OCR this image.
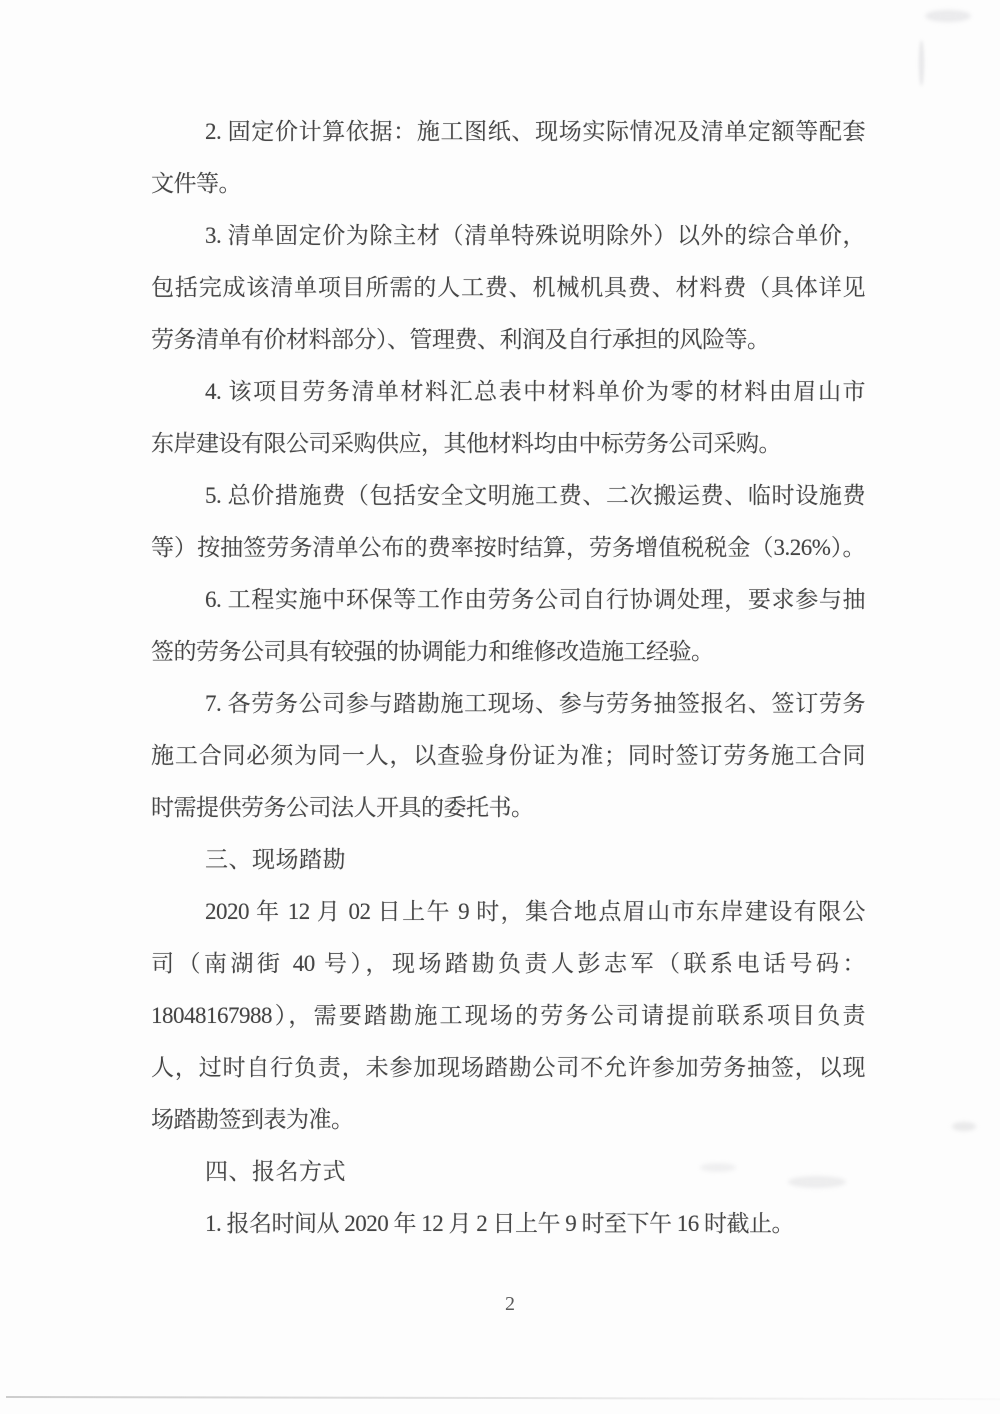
2. 固定价计算依据：施工图纸、现场实际情况及清单定额等配套
文件等。
3. 清单固定价为除主材（清单特殊说明除外）以外的综合单价，
包括完成该清单项目所需的人工费、机械机具费、材料费（具体详见
劳务清单有价材料部分）、管理费、利润及自行承担的风险等。
4. 该项目劳务清单材料汇总表中材料单价为零的材料由眉山市
东岸建设有限公司采购供应，其他材料均由中标劳务公司采购。
5. 总价措施费（包括安全文明施工费、二次搬运费、临时设施费
等）按抽签劳务清单公布的费率按时结算，劳务增值税税金（3.26%）。
6. 工程实施中环保等工作由劳务公司自行协调处理，要求参与抽
签的劳务公司具有较强的协调能力和维修改造施工经验。
7. 各劳务公司参与踏勘施工现场、参与劳务抽签报名、签订劳务
施工合同必须为同一人，以查验身份证为准；同时签订劳务施工合同
时需提供劳务公司法人开具的委托书。
三、现场踏勘
2020 年 12 月 02 日上午 9 时，集合地点眉山市东岸建设有限公
司（南湖街 40 号），现场踏勘负责人彭志军（联系电话号码：
18048167988），需要踏勘施工现场的劳务公司请提前联系项目负责
人，过时自行负责，未参加现场踏勘公司不允许参加劳务抽签，以现
场踏勘签到表为准。
四、报名方式
1. 报名时间从 2020 年 12 月 2 日上午 9 时至下午 16 时截止。
2
